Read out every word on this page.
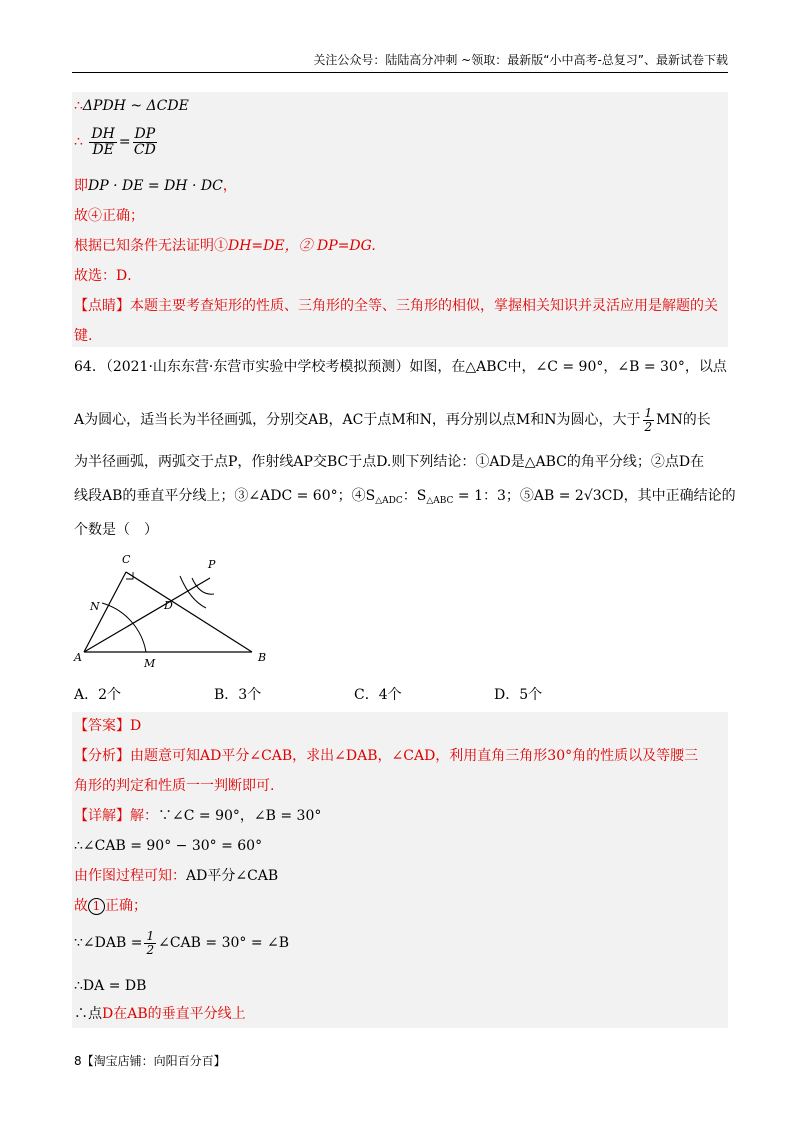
关注公众号：陆陆高分冲刺 ~领取：最新版“小中高考-总复习”、最新试卷下载
∴ΔPDH ~ ΔCDE
∴ $\frac{DH}{DE} = \frac{DP}{CD}$
即DP · DE = DH · DC，
故④正确；
根据已知条件无法证明①DH=DE，② DP=DG.
故选：D．
【点睛】本题主要考查矩形的性质、三角形的全等、三角形的相似，掌握相关知识并灵活应用是解题的关
键.
64．（2021·山东东营·东营市实验中学校考模拟预测）如图，在△ABC中，∠C = 90°，∠B = 30°，以点
A为圆心，适当长为半径画弧，分别交AB，AC于点M和N，再分别以点M和N为圆心，大于 $\frac{1}{2}$ MN的长
为半径画弧，两弧交于点P，作射线AP交BC于点D.则下列结论：①AD是△ABC的角平分线；②点D在
线段AB的垂直平分线上；③∠ADC = 60°；$④S_{\triangle ADC}$：$S_{\triangle ABC} = 1$：3；⑤AB = 2√3CD，其中正确结论的
个数是（　）
A	B
C
D
M
N
P
A．2个	B．3个	C．4个	D．5个
【答案】D
【分析】由题意可知AD平分∠CAB，求出∠DAB，∠CAD，利用直角三角形30°角的性质以及等腰三
角形的判定和性质一一判断即可.
【详解】解：∵∠C = 90°，∠B = 30°
∴∠CAB = 90° − 30° = 60°
由作图过程可知：AD平分∠CAB
故 1 正确；
∵∠DAB = $\frac{1}{2}$ ∠CAB = 30° = ∠B
∴DA = DB
∴点D在AB的垂直平分线上
8【淘宝店铺：向阳百分百】
